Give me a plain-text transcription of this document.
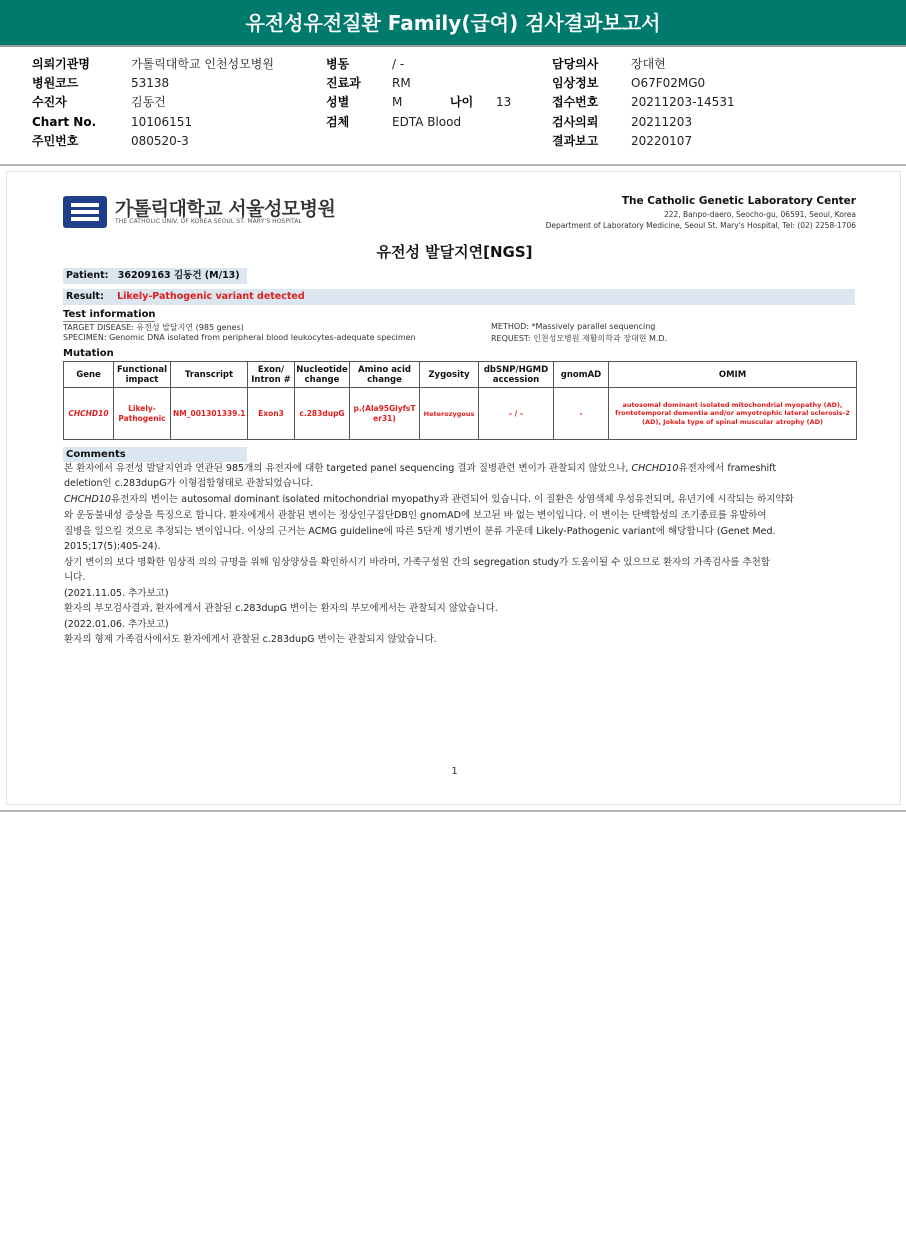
유전성유전질환 Family(급여) 검사결과보고서
의뢰기관명	가톨릭대학교 인천성모병원
병원코드	53138
수진자	김동건
Chart No.	10106151
주민번호	080520-3
병동	/ -
진료과	RM
성별	M	나이 13
검체	EDTA Blood
담당의사	장대현
임상정보	O67F02MG0
접수번호	20211203-14531
검사의뢰	20211203
결과보고	20220107
가톨릭대학교 서울성모병원
THE CATHOLIC UNIV. OF KOREA SEOUL ST. MARY'S HOSPITAL
The Catholic Genetic Laboratory Center
222, Banpo-daero, Seocho-gu, 06591, Seoul, Korea
Department of Laboratory Medicine, Seoul St. Mary's Hospital, Tel: (02) 2258-1706
유전성 발달지연[NGS]
Patient: 36209163 김동건 (M/13)
Result: Likely-Pathogenic variant detected
Test information
TARGET DISEASE: 유전성 발달지연 (985 genes)
SPECIMEN: Genomic DNA isolated from peripheral blood leukocytes-adequate specimen
METHOD: *Massively parallel sequencing
REQUEST: 인천성모병원 재활의학과 장대현 M.D.
Mutation
Gene	Functional impact	Transcript	Exon/ Intron #	Nucleotide change	Amino acid change	Zygosity	dbSNP/HGMD accession	gnomAD	OMIM
CHCHD10	Likely-Pathogenic	NM_001301339.1	Exon3	c.283dupG	p.(Ala95GlyfsTer31)	Heterozygous	- / -	-	autosomal dominant isolated mitochondrial myopathy (AD), frontotemporal dementia and/or amyotrophic lateral sclerosis-2 (AD), Jokela type of spinal muscular atrophy (AD)
Comments
본 환자에서 유전성 발달지연과 연관된 985개의 유전자에 대한 targeted panel sequencing 결과 질병관련 변이가 관찰되지 않았으나, CHCHD10유전자에서 frameshift
deletion인 c.283dupG가 이형접합형태로 관찰되었습니다.
CHCHD10유전자의 변이는 autosomal dominant isolated mitochondrial myopathy과 관련되어 있습니다. 이 질환은 상염색체 우성유전되며, 유년기에 시작되는 하지약화
와 운동불내성 증상을 특징으로 합니다. 환자에게서 관찰된 변이는 정상인구집단DB인 gnomAD에 보고된 바 없는 변이입니다. 이 변이는 단백합성의 조기종료를 유발하여
질병을 일으킬 것으로 추정되는 변이입니다. 이상의 근거는 ACMG guideline에 따른 5단계 병기변이 분류 가운데 Likely-Pathogenic variant에 해당합니다 (Genet Med.
2015;17(5):405-24).
상기 변이의 보다 명확한 임상적 의의 규명을 위해 임상양상을 확인하시기 바라며, 가족구성원 간의 segregation study가 도움이될 수 있으므로 환자의 가족검사를 추천합
니다.
(2021.11.05. 추가보고)
환자의 부모검사결과, 환자에게서 관찰된 c.283dupG 변이는 환자의 부모에게서는 관찰되지 않았습니다.
(2022.01.06. 추가보고)
환자의 형제 가족검사에서도 환자에게서 관찰된 c.283dupG 변이는 관찰되지 않았습니다.
1
